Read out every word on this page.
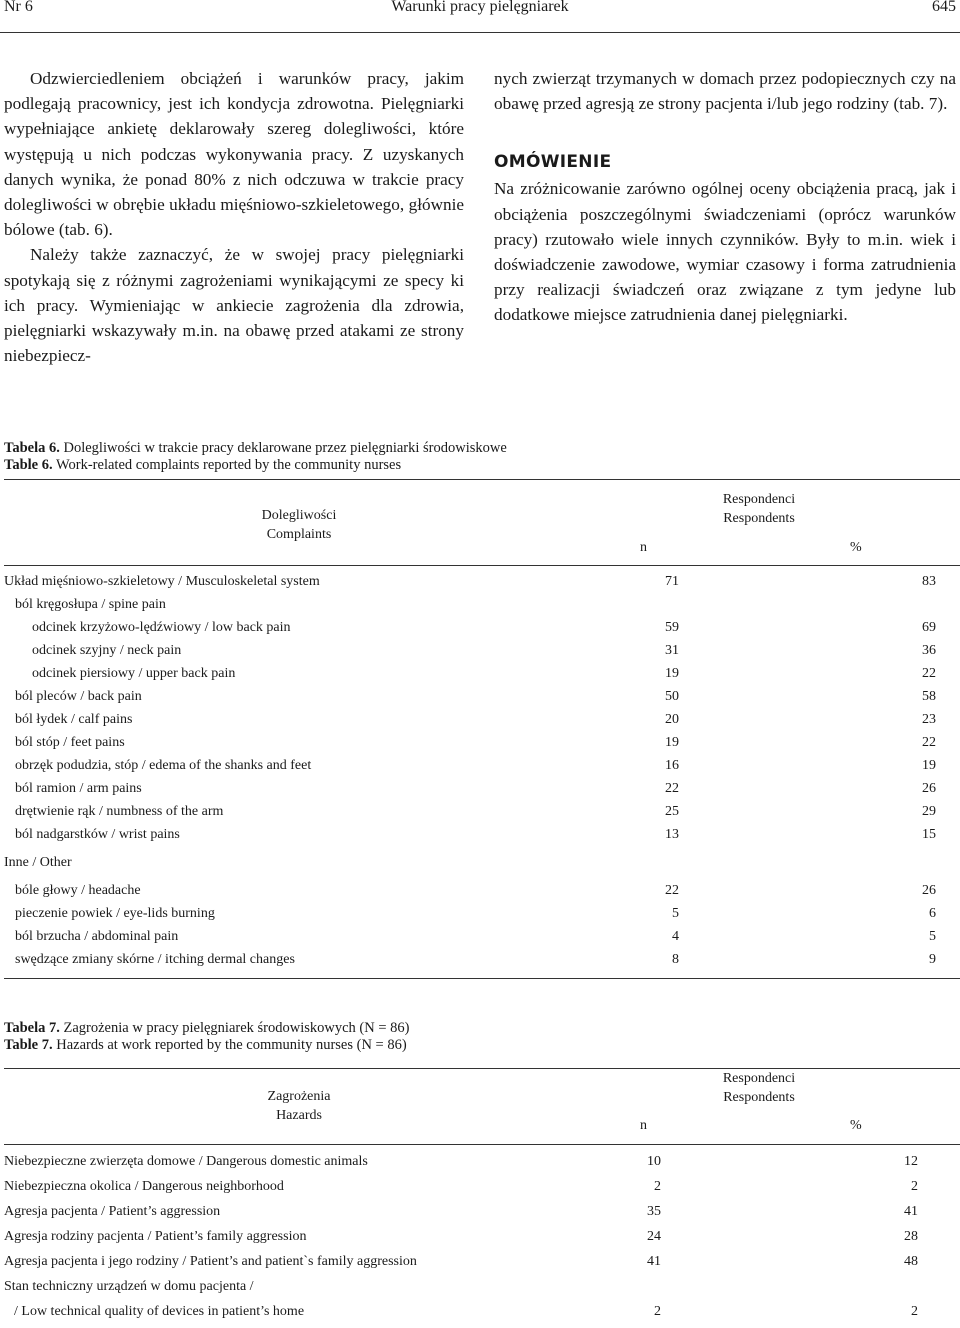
Warunki pracy pielęgniarek
Nr 6	645

Odzwierciedleniem obciążeń i warunków pracy, jakim podlegają pracownicy, jest ich kondycja zdrowotna. Pielęgniarki wypełniające ankietę deklarowały szereg dolegliwości, które występują u nich podczas wykonywania pracy. Z uzyskanych danych wynika, że ponad 80% z nich odczuwa w trakcie pracy dolegliwości w obrębie układu mięśniowo-szkieletowego, głównie bólowe (tab. 6).

Należy także zaznaczyć, że w swojej pracy pielęgniarki spotykają się z różnymi zagrożeniami wynikającymi ze specy ki ich pracy. Wymieniając w ankiecie zagrożenia dla zdrowia, pielęgniarki wskazywały m.in. na obawę przed atakami ze strony niebezpiecz-

nych zwierząt trzymanych w domach przez podopiecznych czy na obawę przed agresją ze strony pacjenta i/lub jego rodziny (tab. 7).

OMÓWIENIE

Na zróżnicowanie zarówno ogólnej oceny obciążenia pracą, jak i obciążenia poszczególnymi świadczeniami (oprócz warunków pracy) rzutowało wiele innych czynników. Były to m.in. wiek i doświadczenie zawodowe, wymiar czasowy i forma zatrudnienia przy realizacji świadczeń oraz związane z tym jedyne lub dodatkowe miejsce zatrudnienia danej pielęgniarki.

Tabela 6. Dolegliwości w trakcie pracy deklarowane przez pielęgniarki środowiskowe
Table 6. Work-related complaints reported by the community nurses
Dolegliwości
Complaints
Respondenci
Respondents
n	%
Układ mięśniowo-szkieletowy / Musculoskeletal system	71		83	
ból kręgosłupa / spine pain				
odcinek krzyżowo-lędźwiowy / low back pain	59		69	
odcinek szyjny / neck pain	31		36	
odcinek piersiowy / upper back pain	19		22	
ból pleców / back pain	50		58	
ból łydek / calf pains	20		23	
ból stóp / feet pains	19		22	
obrzęk podudzia, stóp / edema of the shanks and feet	16		19	
ból ramion / arm pains	22		26	
drętwienie rąk / numbness of the arm	25		29	
ból nadgarstków / wrist pains	13		15	
Inne / Other				
bóle głowy / headache	22		26	
pieczenie powiek / eye-lids burning	5		6	
ból brzucha / abdominal pain	4		5	
swędzące zmiany skórne / itching dermal changes	8		9	
Tabela 7. Zagrożenia w pracy pielęgniarek środowiskowych (N = 86)
Table 7. Hazards at work reported by the community nurses (N = 86)
Zagrożenia
Hazards
Respondenci
Respondents
n	%
Niebezpieczne zwierzęta domowe / Dangerous domestic animals	10		12	
Niebezpieczna okolica / Dangerous neighborhood	2		2	
Agresja pacjenta / Patient’s aggression	35		41	
Agresja rodziny pacjenta / Patient’s family aggression	24		28	
Agresja pacjenta i jego rodziny / Patient’s and patient`s family aggression	41		48	
Stan techniczny urządzeń w domu pacjenta /				
/ Low technical quality of devices in patient’s home	2		2	
